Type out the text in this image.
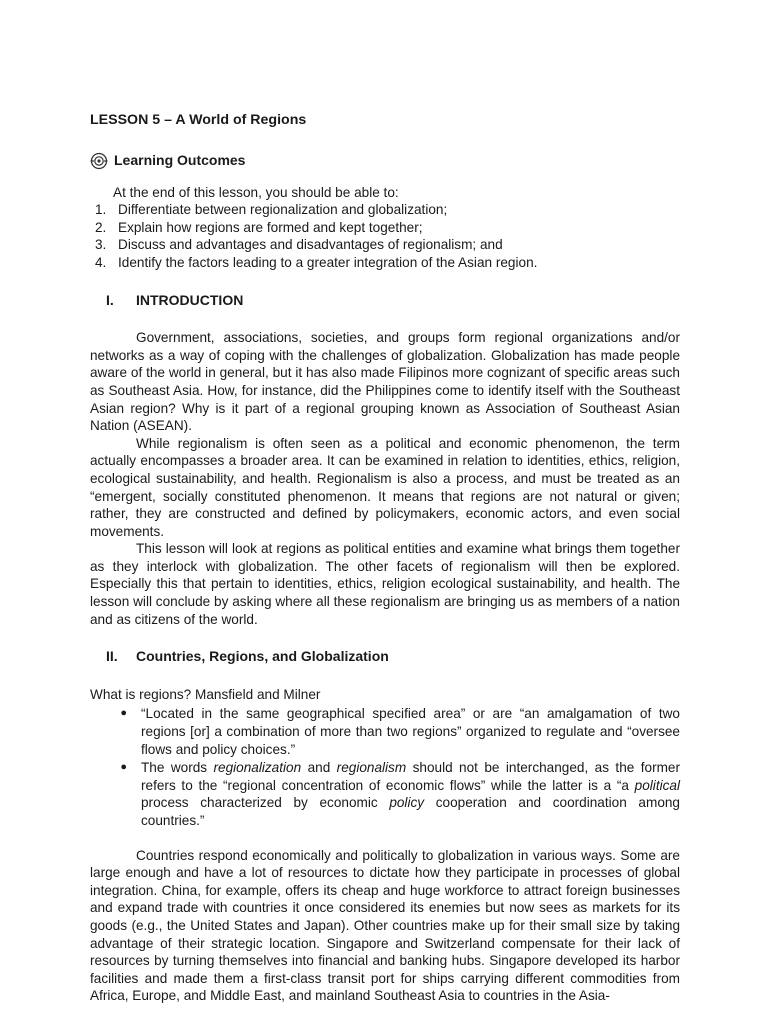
LESSON 5 – A World of Regions
Learning Outcomes
At the end of this lesson, you should be able to:
1. Differentiate between regionalization and globalization;
2. Explain how regions are formed and kept together;
3. Discuss and advantages and disadvantages of regionalism; and
4. Identify the factors leading to a greater integration of the Asian region.
I.	INTRODUCTION

Government, associations, societies, and groups form regional organizations and/or networks as a way of coping with the challenges of globalization. Globalization has made people aware of the world in general, but it has also made Filipinos more cognizant of specific areas such as Southeast Asia. How, for instance, did the Philippines come to identify itself with the Southeast Asian region? Why is it part of a regional grouping known as Association of Southeast Asian Nation (ASEAN).

While regionalism is often seen as a political and economic phenomenon, the term actually encompasses a broader area. It can be examined in relation to identities, ethics, religion, ecological sustainability, and health. Regionalism is also a process, and must be treated as an “emergent, socially constituted phenomenon. It means that regions are not natural or given; rather, they are constructed and defined by policymakers, economic actors, and even social movements.

This lesson will look at regions as political entities and examine what brings them together as they interlock with globalization. The other facets of regionalism will then be explored. Especially this that pertain to identities, ethics, religion ecological sustainability, and health. The lesson will conclude by asking where all these regionalism are bringing us as members of a nation and as citizens of the world.

II.	Countries, Regions, and Globalization
What is regions? Mansfield and Milner
●	“Located in the same geographical specified area” or are “an amalgamation of two regions [or] a combination of more than two regions” organized to regulate and “oversee flows and policy choices.”
●	The words regionalization and regionalism should not be interchanged, as the former refers to the “regional concentration of economic flows” while the latter is a “a political process characterized by economic policy cooperation and coordination among countries.”

Countries respond economically and politically to globalization in various ways. Some are large enough and have a lot of resources to dictate how they participate in processes of global integration. China, for example, offers its cheap and huge workforce to attract foreign businesses and expand trade with countries it once considered its enemies but now sees as markets for its goods (e.g., the United States and Japan). Other countries make up for their small size by taking advantage of their strategic location. Singapore and Switzerland compensate for their lack of resources by turning themselves into financial and banking hubs. Singapore developed its harbor facilities and made them a first-class transit port for ships carrying different commodities from Africa, Europe, and Middle East, and mainland Southeast Asia to countries in the Asia-
